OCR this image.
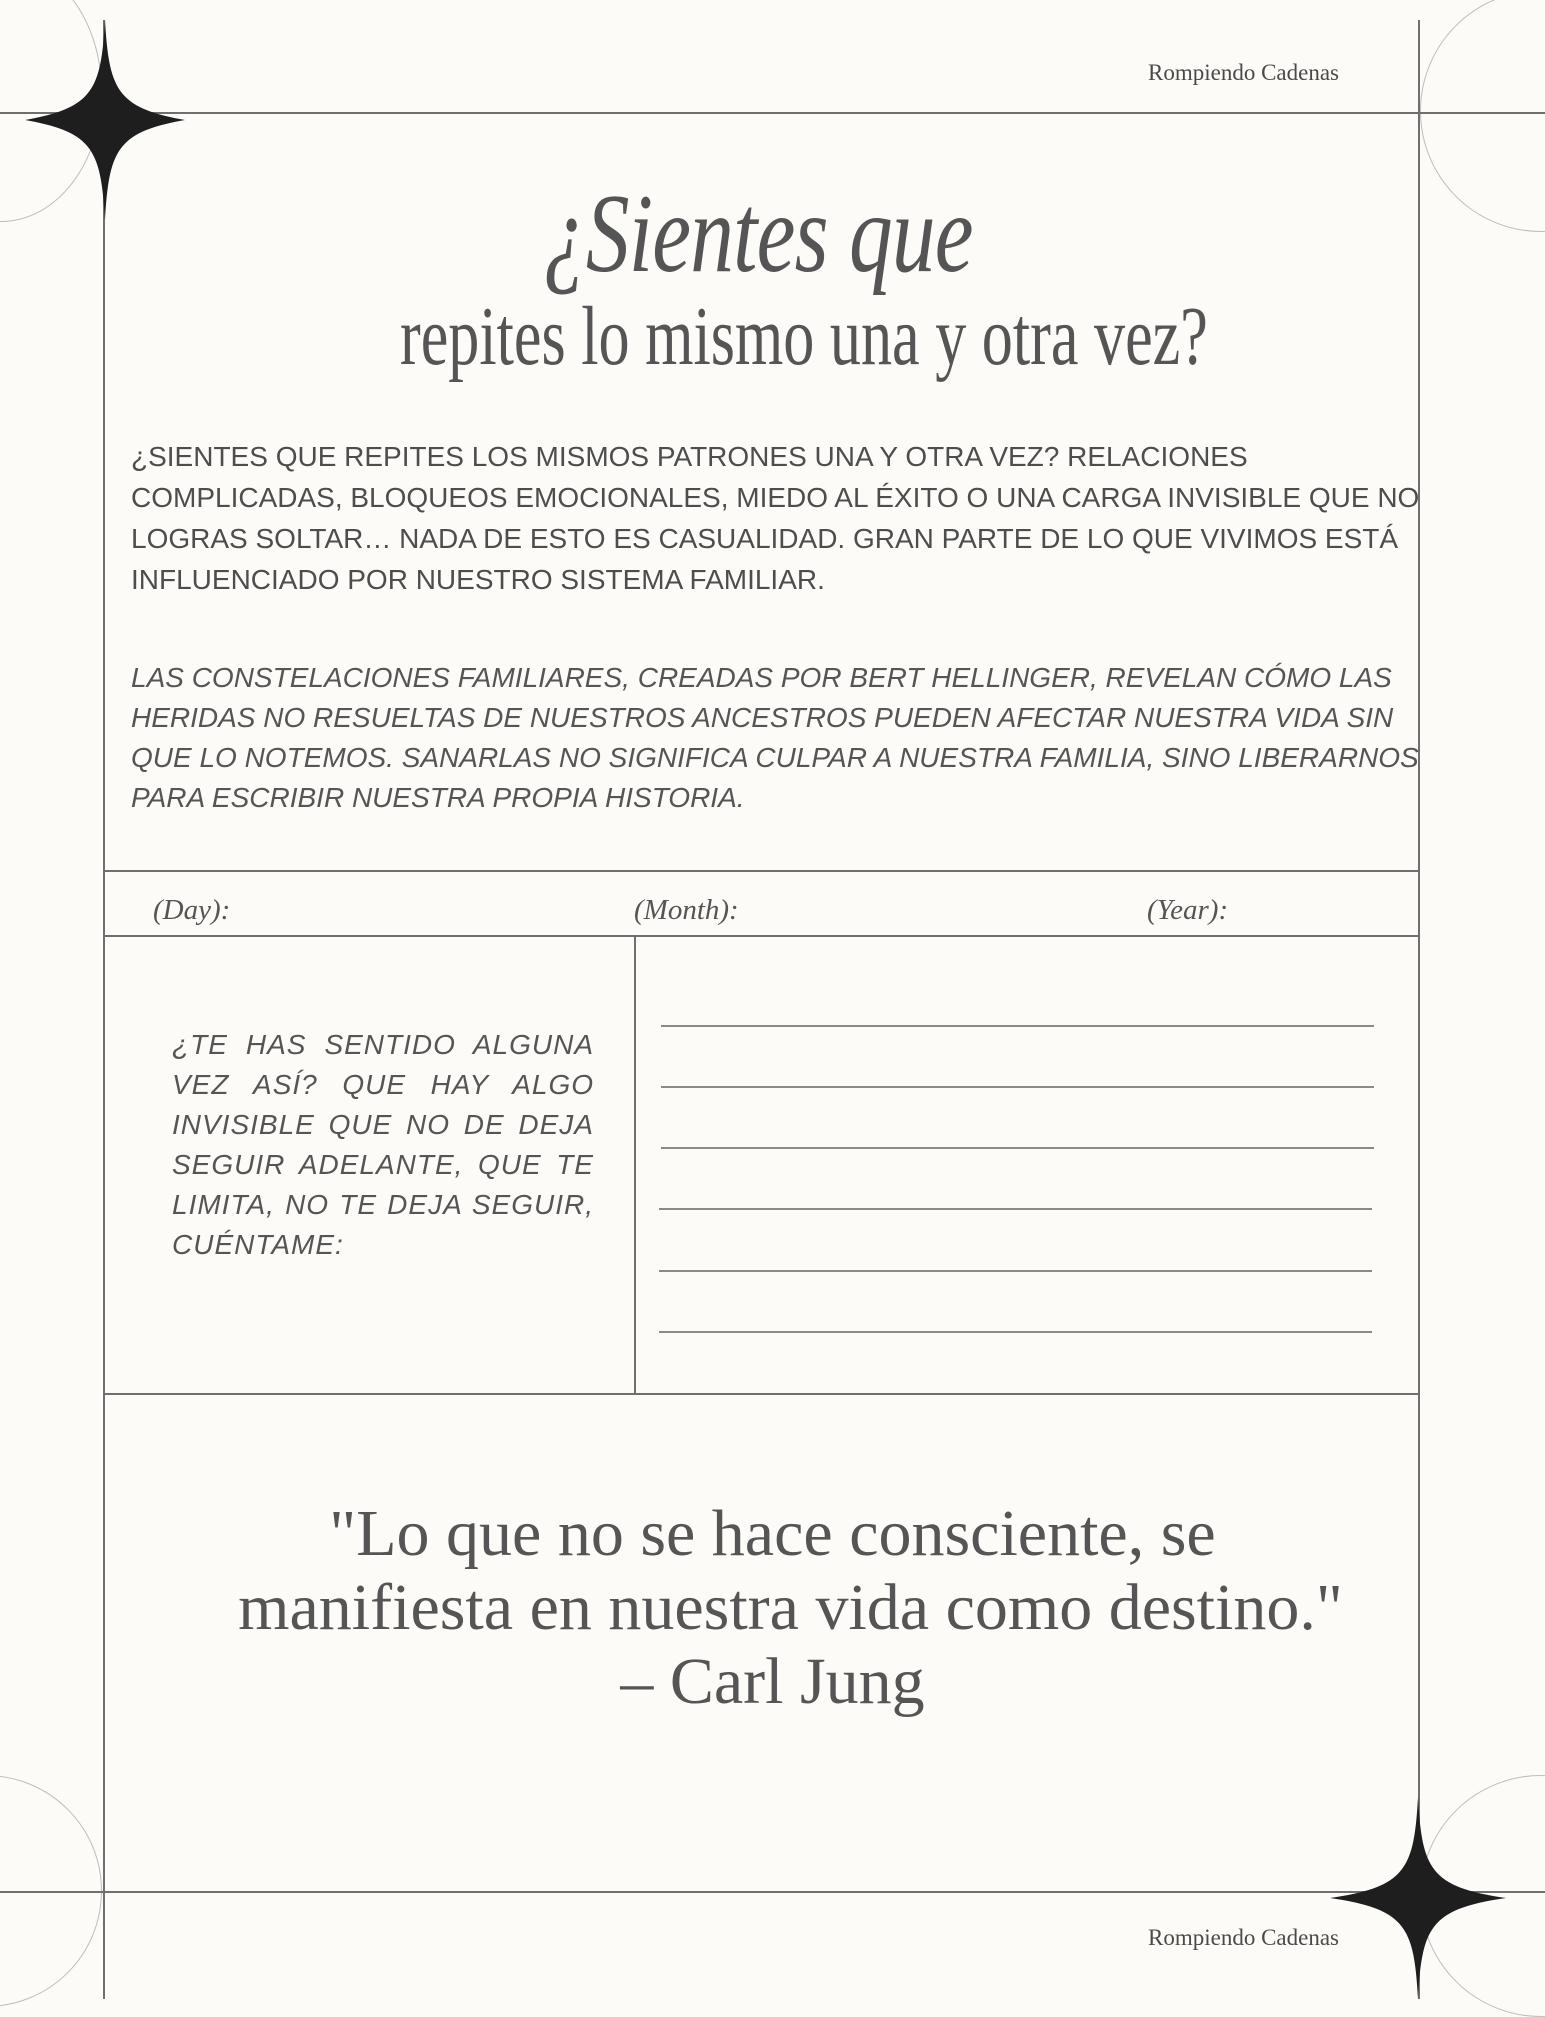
Rompiendo Cadenas
¿Sientes que
repites lo mismo una y otra vez?
¿SIENTES QUE REPITES LOS MISMOS PATRONES UNA Y OTRA VEZ? RELACIONES COMPLICADAS, BLOQUEOS EMOCIONALES, MIEDO AL ÉXITO O UNA CARGA INVISIBLE QUE NO LOGRAS SOLTAR… NADA DE ESTO ES CASUALIDAD. GRAN PARTE DE LO QUE VIVIMOS ESTÁ INFLUENCIADO POR NUESTRO SISTEMA FAMILIAR.
LAS CONSTELACIONES FAMILIARES, CREADAS POR BERT HELLINGER, REVELAN CÓMO LAS HERIDAS NO RESUELTAS DE NUESTROS ANCESTROS PUEDEN AFECTAR NUESTRA VIDA SIN QUE LO NOTEMOS. SANARLAS NO SIGNIFICA CULPAR A NUESTRA FAMILIA, SINO LIBERARNOS PARA ESCRIBIR NUESTRA PROPIA HISTORIA.
(Day):	(Month):	(Year):
¿TE HAS SENTIDO ALGUNA VEZ ASÍ? QUE HAY ALGO INVISIBLE QUE NO DE DEJA SEGUIR ADELANTE, QUE TE LIMITA, NO TE DEJA SEGUIR, CUÉNTAME:
"Lo que no se hace consciente, se
manifiesta en nuestra vida como destino."
– Carl Jung
Rompiendo Cadenas
